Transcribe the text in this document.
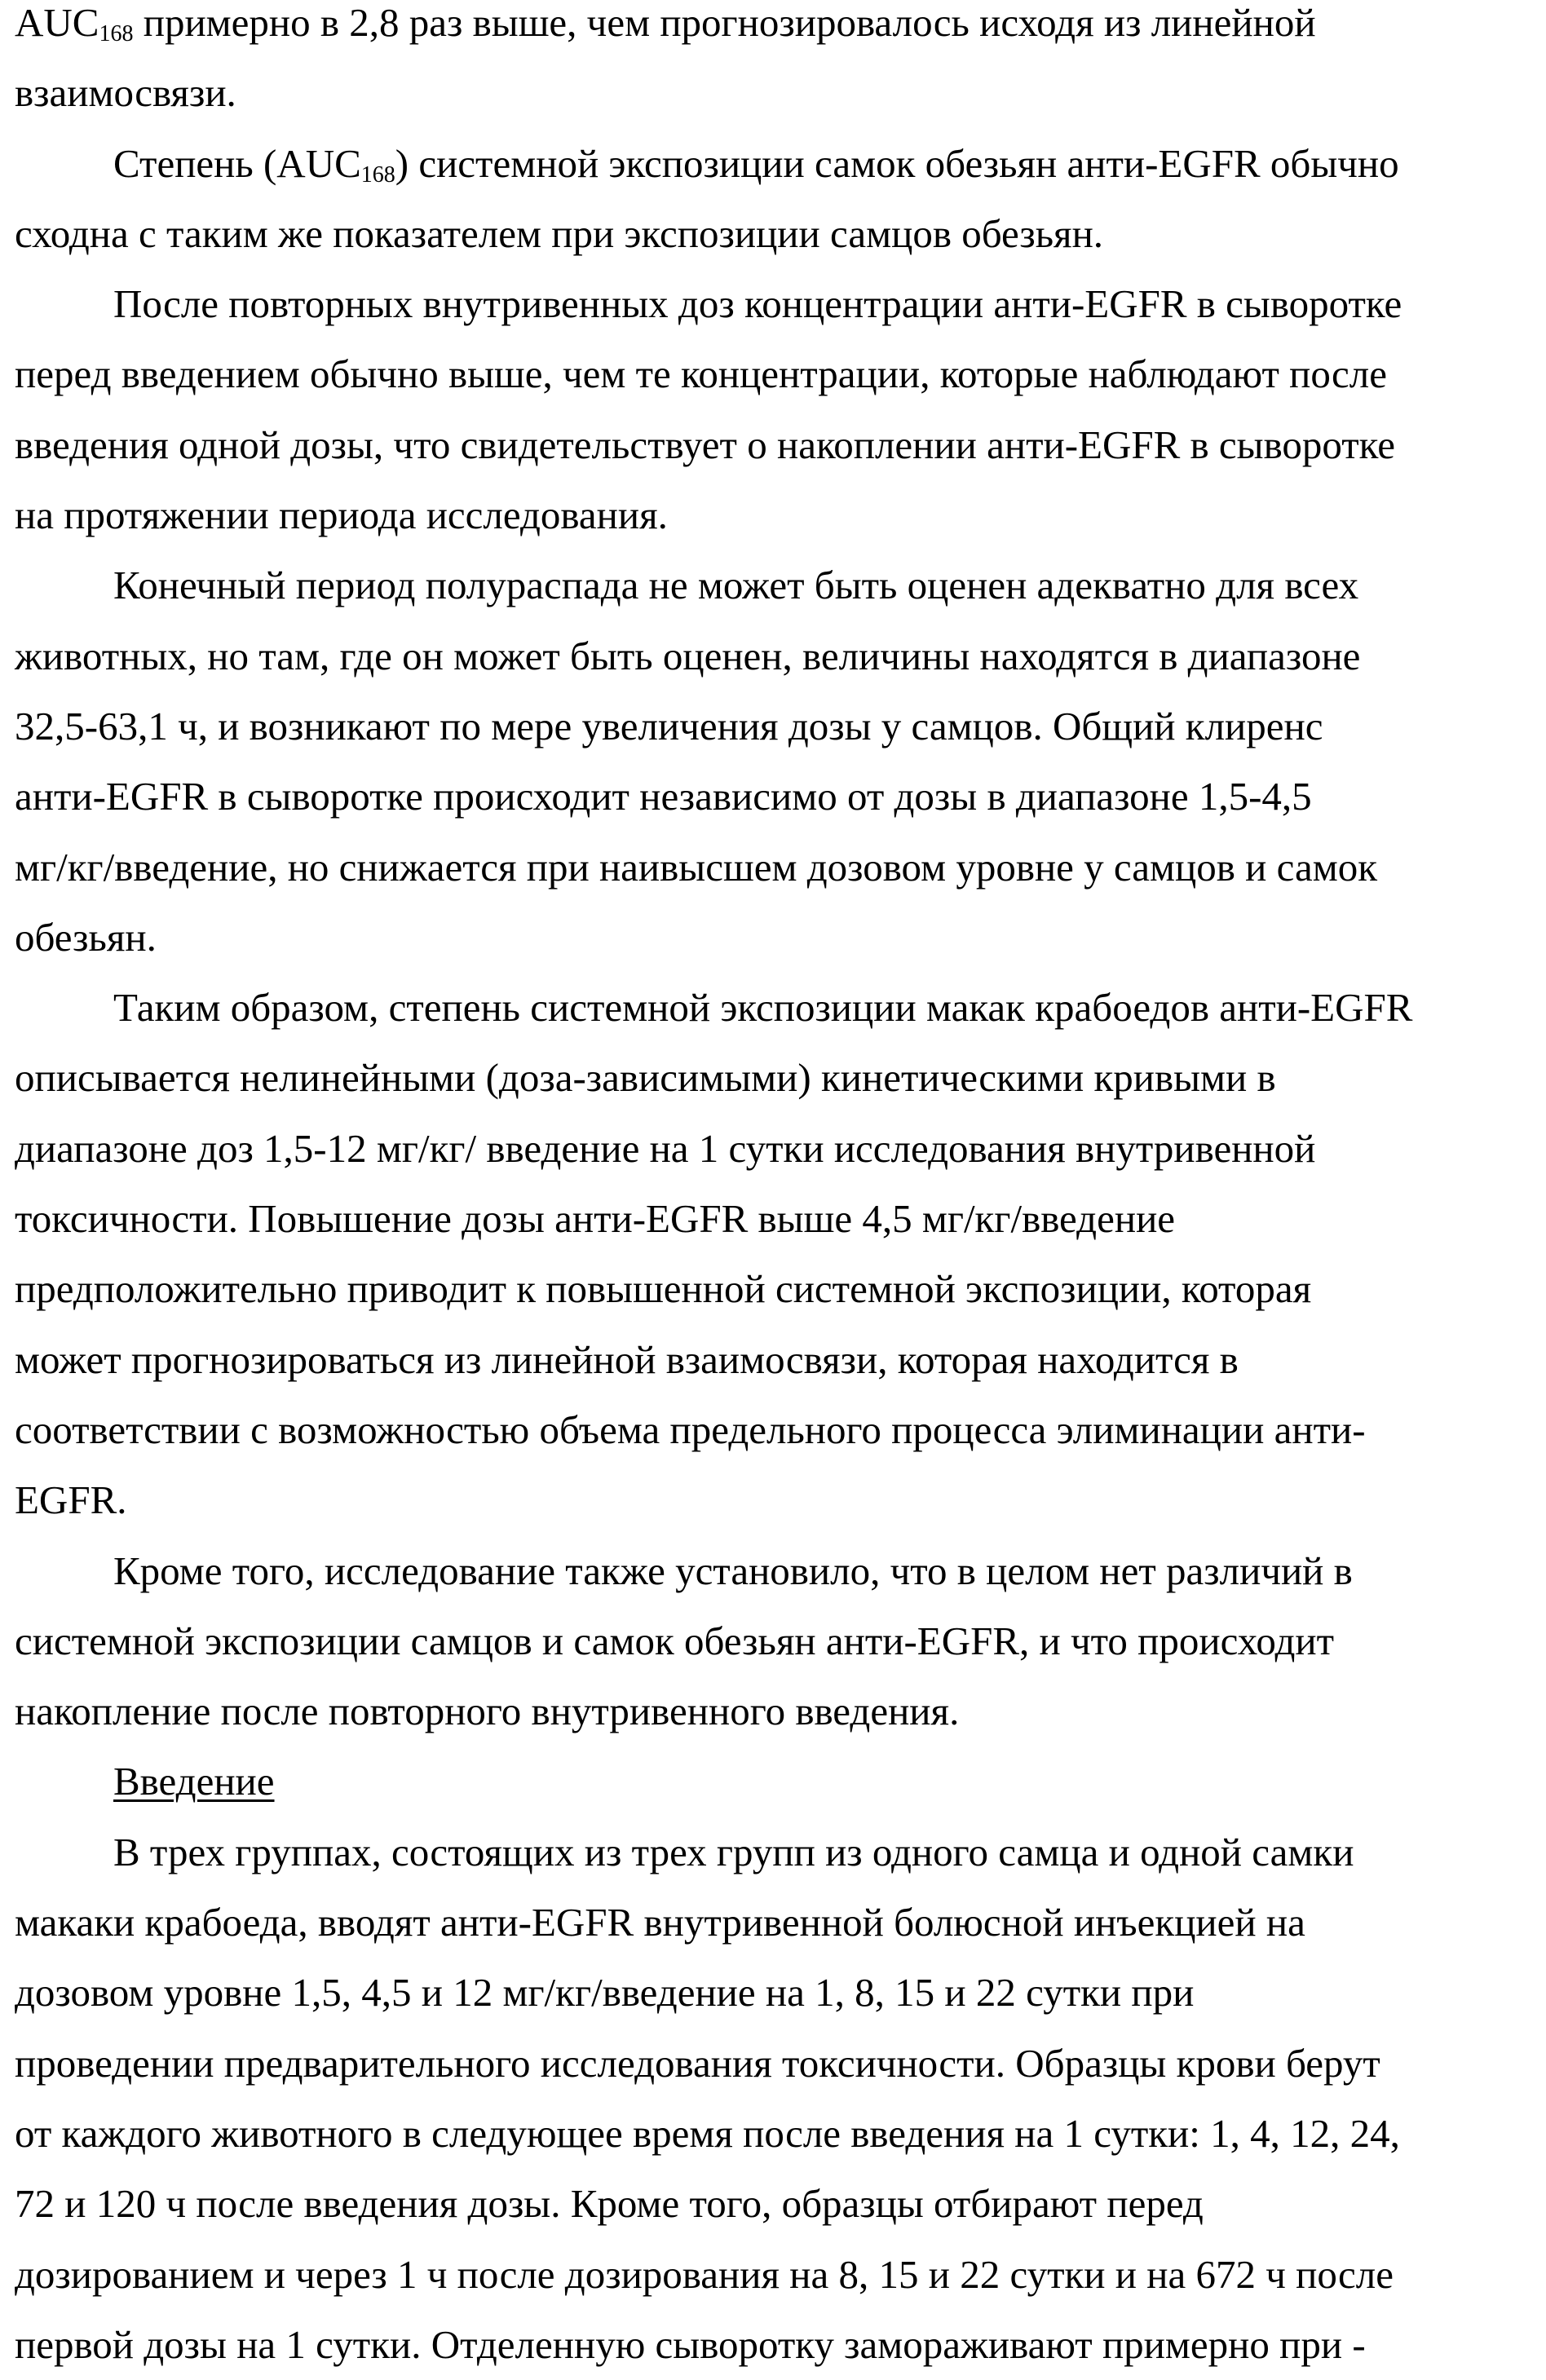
AUC168 примерно в 2,8 раз выше, чем прогнозировалось исходя из линейной
взаимосвязи.
Степень (AUC168) системной экспозиции самок обезьян анти-EGFR обычно
сходна с таким же показателем при экспозиции самцов обезьян.
После повторных внутривенных доз концентрации анти-EGFR в сыворотке
перед введением обычно выше, чем те концентрации, которые наблюдают после
введения одной дозы, что свидетельствует о накоплении анти-EGFR в сыворотке
на протяжении периода исследования.
Конечный период полураспада не может быть оценен адекватно для всех
животных, но там, где он может быть оценен, величины находятся в диапазоне
32,5-63,1 ч, и возникают по мере увеличения дозы у самцов. Общий клиренс
анти-EGFR в сыворотке происходит независимо от дозы в диапазоне 1,5-4,5
мг/кг/введение, но снижается при наивысшем дозовом уровне у самцов и самок
обезьян.
Таким образом, степень системной экспозиции макак крабоедов анти-EGFR
описывается нелинейными (доза-зависимыми) кинетическими кривыми в
диапазоне доз 1,5-12 мг/кг/ введение на 1 сутки исследования внутривенной
токсичности. Повышение дозы анти-EGFR выше 4,5 мг/кг/введение
предположительно приводит к повышенной системной экспозиции, которая
может прогнозироваться из линейной взаимосвязи, которая находится в
соответствии с возможностью объема предельного процесса элиминации анти-
EGFR.
Кроме того, исследование также установило, что в целом нет различий в
системной экспозиции самцов и самок обезьян анти-EGFR, и что происходит
накопление после повторного внутривенного введения.
Введение
В трех группах, состоящих из трех групп из одного самца и одной самки
макаки крабоеда, вводят анти-EGFR внутривенной болюсной инъекцией на
дозовом уровне 1,5, 4,5 и 12 мг/кг/введение на 1, 8, 15 и 22 сутки при
проведении предварительного исследования токсичности. Образцы крови берут
от каждого животного в следующее время после введения на 1 сутки: 1, 4, 12, 24,
72 и 120 ч после введения дозы. Кроме того, образцы отбирают перед
дозированием и через 1 ч после дозирования на 8, 15 и 22 сутки и на 672 ч после
первой дозы на 1 сутки. Отделенную сыворотку замораживают примерно при -
